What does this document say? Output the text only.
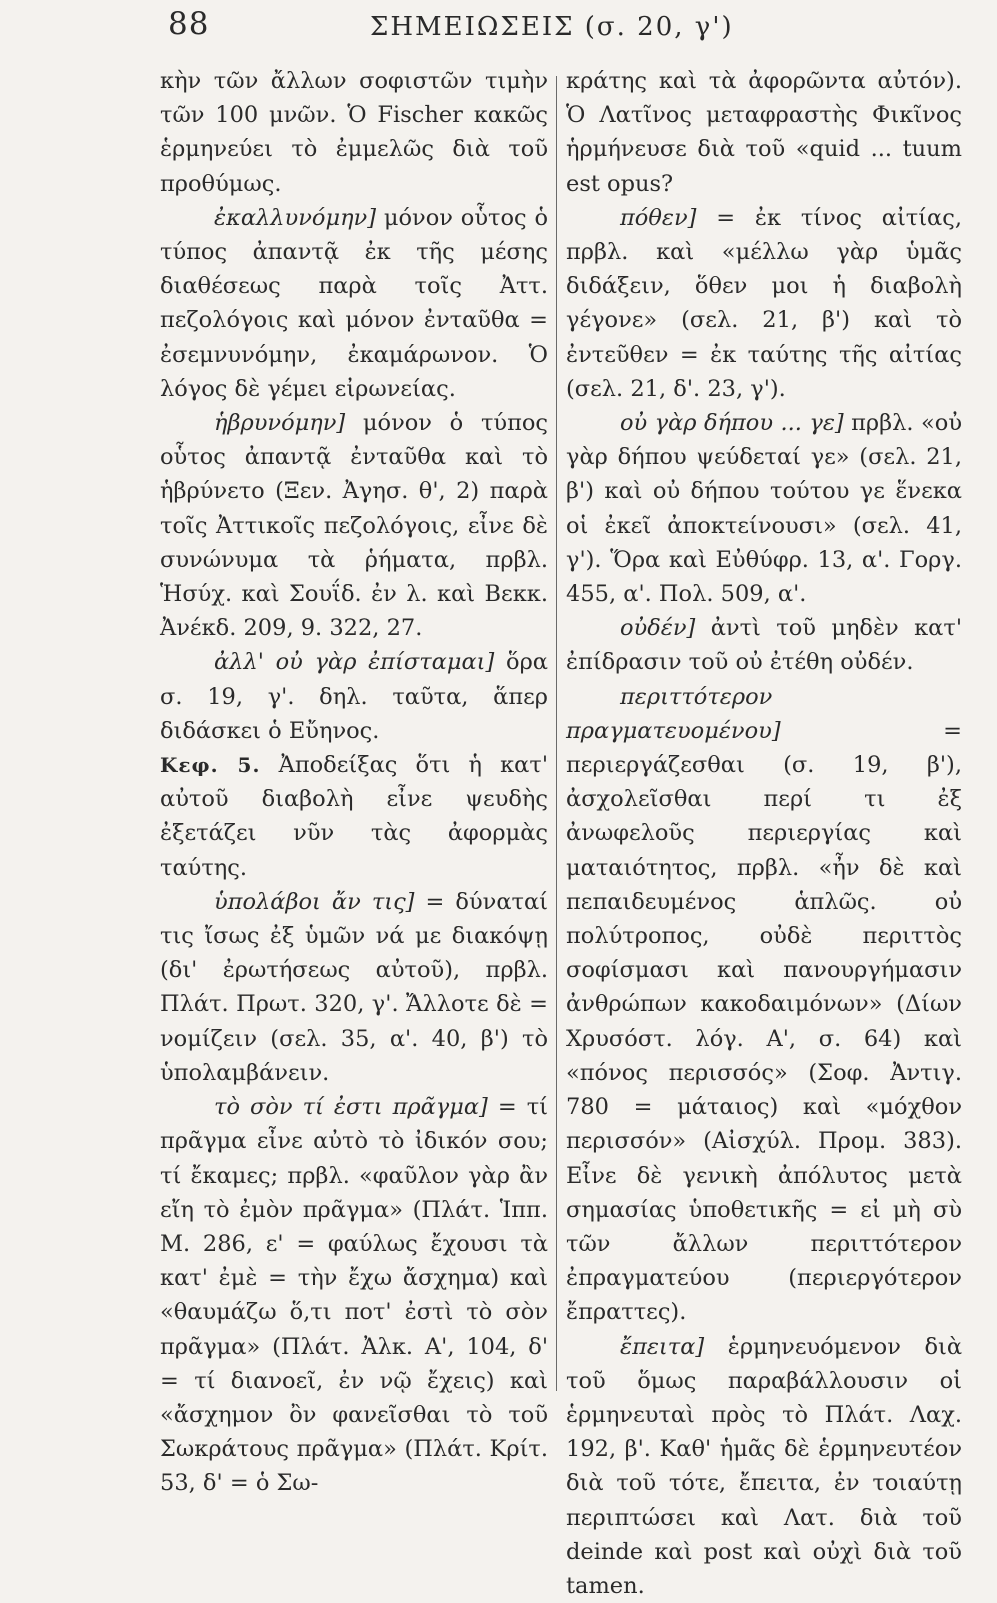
88	ΣΗΜΕΙΩΣΕΙΣ (σ. 20, γ')

κὴν τῶν ἄλλων σοφιστῶν τιμὴν τῶν 100 μνῶν. Ὁ Fischer κακῶς ἑρμηνεύει τὸ ἐμμελῶς διὰ τοῦ προθύμως.

ἐκαλλυνόμην] μόνον οὗτος ὁ τύπος ἀπαντᾷ ἐκ τῆς μέσης διαθέσεως παρὰ τοῖς Ἀττ. πεζολόγοις καὶ μόνον ἐνταῦθα = ἐσεμνυνόμην, ἐκαμάρωνον. Ὁ λόγος δὲ γέμει εἰρωνείας.

ἡβρυνόμην] μόνον ὁ τύπος οὗτος ἀπαντᾷ ἐνταῦθα καὶ τὸ ἡβρύνετο (Ξεν. Ἀγησ. θ', 2) παρὰ τοῖς Ἀττικοῖς πεζολόγοις, εἶνε δὲ συνώνυμα τὰ ῥήματα, πρβλ. Ἡσύχ. καὶ Σουΐδ. ἐν λ. καὶ Βεκκ. Ἀνέκδ. 209, 9. 322, 27.

ἀλλ' οὐ γὰρ ἐπίσταμαι] ὅρα σ. 19, γ'. δηλ. ταῦτα, ἅπερ διδάσκει ὁ Εὔηνος.

Κεφ. 5. Ἀποδείξας ὅτι ἡ κατ' αὐτοῦ διαβολὴ εἶνε ψευδὴς ἐξετάζει νῦν τὰς ἀφορμὰς ταύτης.

ὑπολάβοι ἄν τις] = δύναταί τις ἴσως ἐξ ὑμῶν νά με διακόψῃ (δι' ἐρωτήσεως αὐτοῦ), πρβλ. Πλάτ. Πρωτ. 320, γ'. Ἄλλοτε δὲ = νομίζειν (σελ. 35, α'. 40, β') τὸ ὑπολαμβάνειν.

τὸ σὸν τί ἐστι πρᾶγμα] = τί πρᾶγμα εἶνε αὐτὸ τὸ ἰδικόν σου; τί ἔκαμες; πρβλ. «φαῦλον γὰρ ἂν εἴη τὸ ἐμὸν πρᾶγμα» (Πλάτ. Ἱππ. Μ. 286, ε' = φαύλως ἔχουσι τὰ κατ' ἐμὲ = τὴν ἔχω ἄσχημα) καὶ «θαυμάζω ὅ,τι ποτ' ἐστὶ τὸ σὸν πρᾶγμα» (Πλάτ. Ἀλκ. Α', 104, δ' = τί διανοεῖ, ἐν νῷ ἔχεις) καὶ «ἄσχημον ὂν φανεῖσθαι τὸ τοῦ Σωκράτους πρᾶγμα» (Πλάτ. Κρίτ. 53, δ' = ὁ Σω-

κράτης καὶ τὰ ἀφορῶντα αὐτόν). Ὁ Λατῖνος μεταφραστὴς Φικῖνος ἡρμήνευσε διὰ τοῦ «quid ... tuum est opus?

πόθεν] = ἐκ τίνος αἰτίας, πρβλ. καὶ «μέλλω γὰρ ὑμᾶς διδάξειν, ὅθεν μοι ἡ διαβολὴ γέγονε» (σελ. 21, β') καὶ τὸ ἐντεῦθεν = ἐκ ταύτης τῆς αἰτίας (σελ. 21, δ'. 23, γ').

οὐ γὰρ δήπου ... γε] πρβλ. «οὐ γὰρ δήπου ψεύδεταί γε» (σελ. 21, β') καὶ οὐ δήπου τούτου γε ἕνεκα οἱ ἐκεῖ ἀποκτείνουσι» (σελ. 41, γ'). Ὅρα καὶ Εὐθύφρ. 13, α'. Γοργ. 455, α'. Πολ. 509, α'.

οὐδέν] ἀντὶ τοῦ μηδὲν κατ' ἐπίδρασιν τοῦ οὐ ἐτέθη οὐδέν.

περιττότερον πραγματευομένου]	= περιεργάζεσθαι (σ. 19, β'), ἀσχολεῖσθαι περί τι ἐξ ἀνωφελοῦς περιεργίας καὶ ματαιότητος, πρβλ. «ἦν δὲ καὶ πεπαιδευμένος ἁπλῶς. οὐ πολύτροπος, οὐδὲ περιττὸς σοφίσμασι καὶ πανουργήμασιν ἀνθρώπων κακοδαιμόνων» (Δίων Χρυσόστ. λόγ. Α', σ. 64) καὶ «πόνος περισσός» (Σοφ. Ἀντιγ. 780 = μάταιος) καὶ «μόχθον περισσόν» (Αἰσχύλ. Προμ. 383). Εἶνε δὲ γενικὴ ἀπόλυτος μετὰ σημασίας ὑποθετικῆς = εἰ μὴ σὺ τῶν ἄλλων περιττότερον ἐπραγματεύου (περιεργότερον ἔπραττες).

ἔπειτα] ἑρμηνευόμενον διὰ τοῦ ὅμως παραβάλλουσιν οἱ ἑρμηνευταὶ πρὸς τὸ Πλάτ. Λαχ. 192, β'. Καθ' ἡμᾶς δὲ ἑρμηνευτέον διὰ τοῦ τότε, ἔπειτα, ἐν τοιαύτῃ περιπτώσει καὶ Λατ. διὰ τοῦ deinde καὶ post καὶ οὐχὶ διὰ τοῦ tamen.
